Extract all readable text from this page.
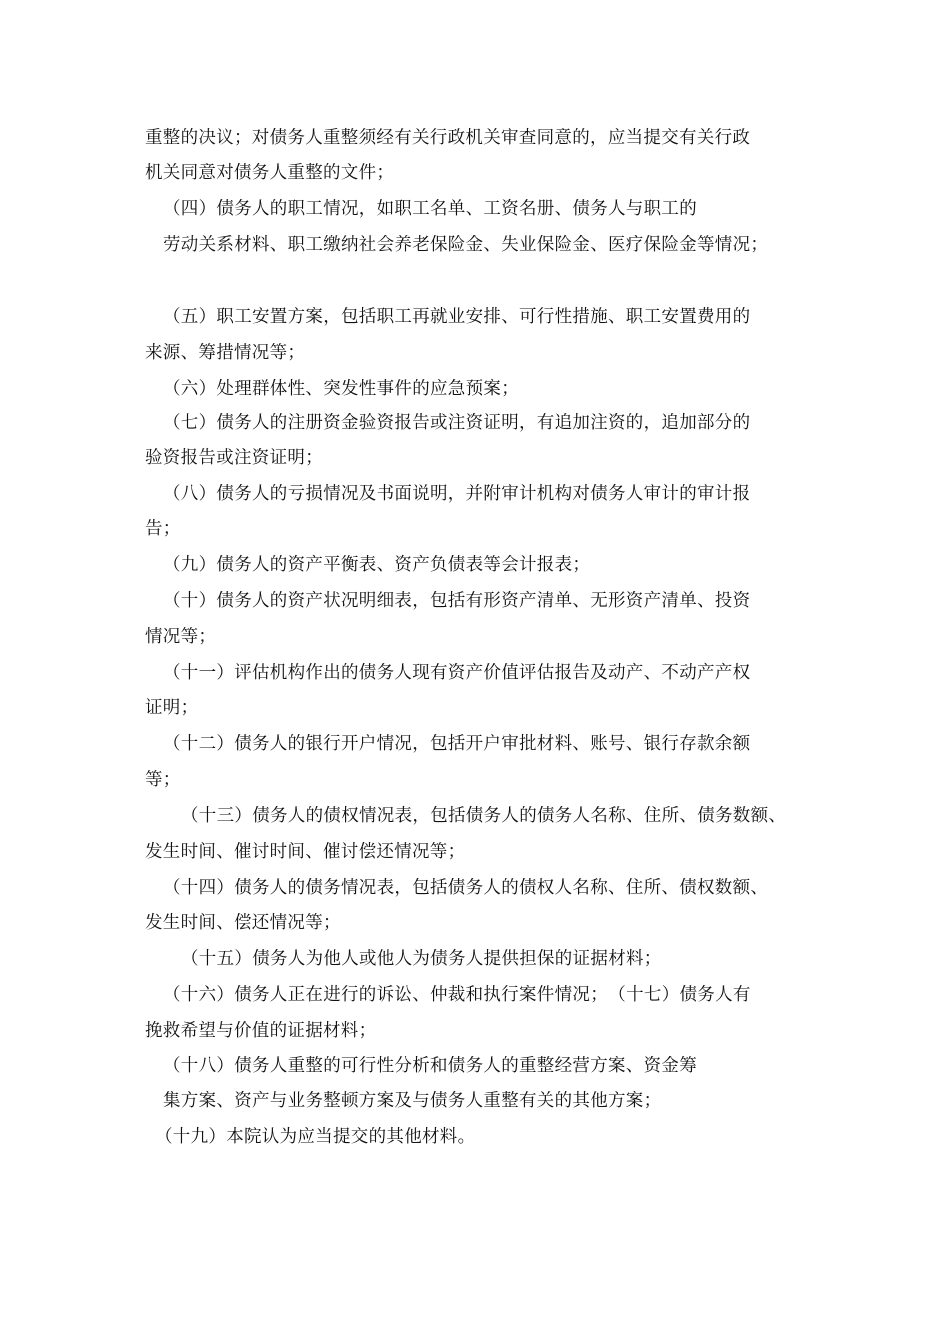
重整的决议；对债务人重整须经有关行政机关审查同意的，应当提交有关行政
机关同意对债务人重整的文件；
（四）债务人的职工情况，如职工名单、工资名册、债务人与职工的
劳动关系材料、职工缴纳社会养老保险金、失业保险金、医疗保险金等情况；
（五）职工安置方案，包括职工再就业安排、可行性措施、职工安置费用的
来源、筹措情况等；
（六）处理群体性、突发性事件的应急预案；
（七）债务人的注册资金验资报告或注资证明，有追加注资的，追加部分的
验资报告或注资证明；
（八）债务人的亏损情况及书面说明，并附审计机构对债务人审计的审计报
告；
（九）债务人的资产平衡表、资产负债表等会计报表；
（十）债务人的资产状况明细表，包括有形资产清单、无形资产清单、投资
情况等；
（十一）评估机构作出的债务人现有资产价值评估报告及动产、不动产产权
证明；
（十二）债务人的银行开户情况，包括开户审批材料、账号、银行存款余额
等；
（十三）债务人的债权情况表，包括债务人的债务人名称、住所、债务数额、
发生时间、催讨时间、催讨偿还情况等；
（十四）债务人的债务情况表，包括债务人的债权人名称、住所、债权数额、
发生时间、偿还情况等；
（十五）债务人为他人或他人为债务人提供担保的证据材料；
（十六）债务人正在进行的诉讼、仲裁和执行案件情况；　（十七）债务人有
挽救希望与价值的证据材料；
（十八）债务人重整的可行性分析和债务人的重整经营方案、资金筹
集方案、资产与业务整顿方案及与债务人重整有关的其他方案；
（十九）本院认为应当提交的其他材料。
